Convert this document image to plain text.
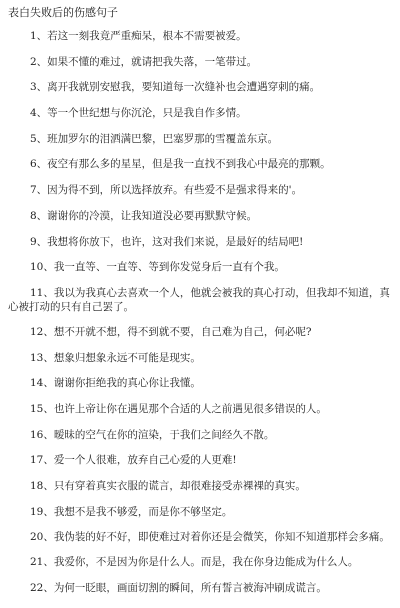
表白失败后的伤感句子
1、若这一刻我竟严重痴呆，根本不需要被爱。
2、如果不懂的难过，就请把我失落，一笔带过。
3、离开我就别安慰我，要知道每一次缝补也会遭遇穿刺的痛。
4、等一个世纪想与你沉沦，只是我自作多情。
5、班加罗尔的泪洒满巴黎，巴塞罗那的雪覆盖东京。
6、夜空有那么多的星星，但是我一直找不到我心中最亮的那颗。
7、因为得不到，所以选择放弃。有些爱不是强求得来的'。
8、谢谢你的冷漠，让我知道没必要再默默守候。
9、我想将你放下，也许，这对我们来说，是最好的结局吧!
10、我一直等、一直等、等到你发觉身后一直有个我。
11、我以为我真心去喜欢一个人，他就会被我的真心打动，但我却不知道，真心被打动的只有自己罢了。
12、想不开就不想，得不到就不要，自己难为自己，何必呢?
13、想象归想象永远不可能是现实。
14、谢谢你拒绝我的真心你让我懂。
15、也许上帝让你在遇见那个合适的人之前遇见很多错误的人。
16、暧昧的空气在你的渲染，于我们之间经久不散。
17、爱一个人很难，放弃自己心爱的人更难!
18、只有穿着真实衣服的谎言，却很难接受赤裸裸的真实。
19、我想不是我不够爱，而是你不够坚定。
20、我伪装的好不好，即使难过对着你还是会微笑，你知不知道那样会多痛。
21、我爱你，不是因为你是什么人。而是，我在你身边能成为什么人。
22、为何一眨眼，画面切割的瞬间，所有誓言被海冲刷成谎言。
